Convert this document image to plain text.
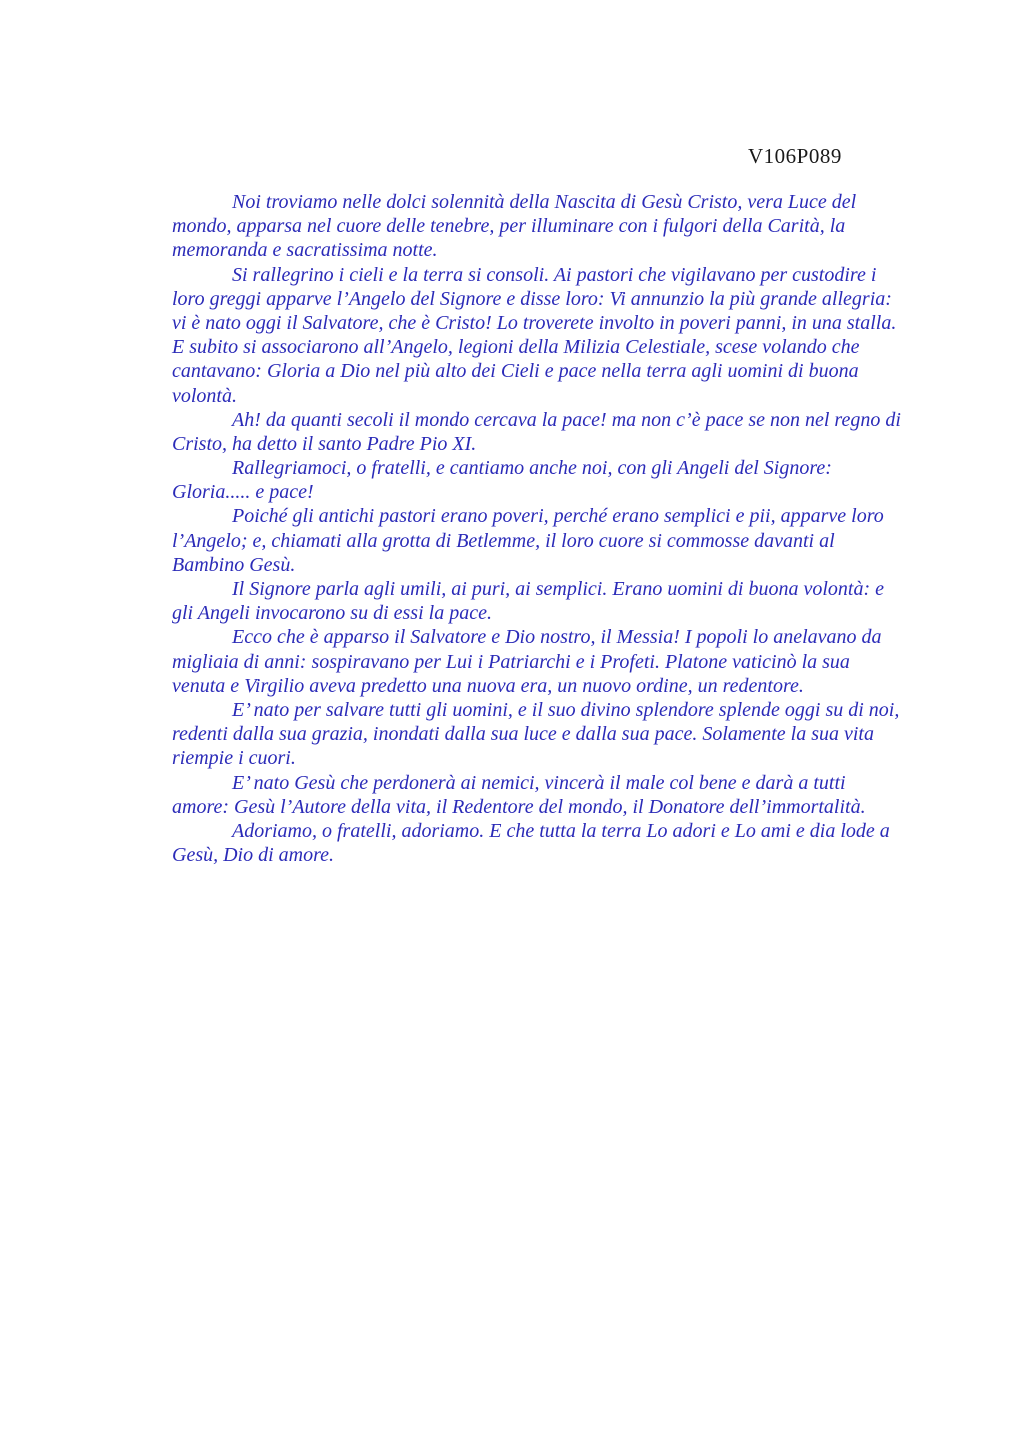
V106P089
Noi troviamo nelle dolci solennità della Nascita di Gesù Cristo, vera Luce del
mondo, apparsa nel cuore delle tenebre, per illuminare con i fulgori della Carità, la
memoranda e sacratissima notte.
Si rallegrino i cieli e la terra si consoli. Ai pastori che vigilavano per custodire i
loro greggi apparve l’Angelo del Signore e disse loro: Vi annunzio la più grande allegria:
vi è nato oggi il Salvatore, che è Cristo! Lo troverete involto in poveri panni, in una stalla.
E subito si associarono all’Angelo, legioni della Milizia Celestiale, scese volando che
cantavano: Gloria a Dio nel più alto dei Cieli e pace nella terra agli uomini di buona
volontà.
Ah! da quanti secoli il mondo cercava la pace! ma non c’è pace se non nel regno di
Cristo, ha detto il santo Padre Pio XI.
Rallegriamoci, o fratelli, e cantiamo anche noi, con gli Angeli del Signore:
Gloria..... e pace!
Poiché gli antichi pastori erano poveri, perché erano semplici e pii, apparve loro
l’Angelo; e, chiamati alla grotta di Betlemme, il loro cuore si commosse davanti al
Bambino Gesù.
Il Signore parla agli umili, ai puri, ai semplici. Erano uomini di buona volontà: e
gli Angeli invocarono su di essi la pace.
Ecco che è apparso il Salvatore e Dio nostro, il Messia! I popoli lo anelavano da
migliaia di anni: sospiravano per Lui i Patriarchi e i Profeti. Platone vaticinò la sua
venuta e Virgilio aveva predetto una nuova era, un nuovo ordine, un redentore.
E’ nato per salvare tutti gli uomini, e il suo divino splendore splende oggi su di noi,
redenti dalla sua grazia, inondati dalla sua luce e dalla sua pace. Solamente la sua vita
riempie i cuori.
E’ nato Gesù che perdonerà ai nemici, vincerà il male col bene e darà a tutti
amore: Gesù l’Autore della vita, il Redentore del mondo, il Donatore dell’immortalità.
Adoriamo, o fratelli, adoriamo. E che tutta la terra Lo adori e Lo ami e dia lode a
Gesù, Dio di amore.
